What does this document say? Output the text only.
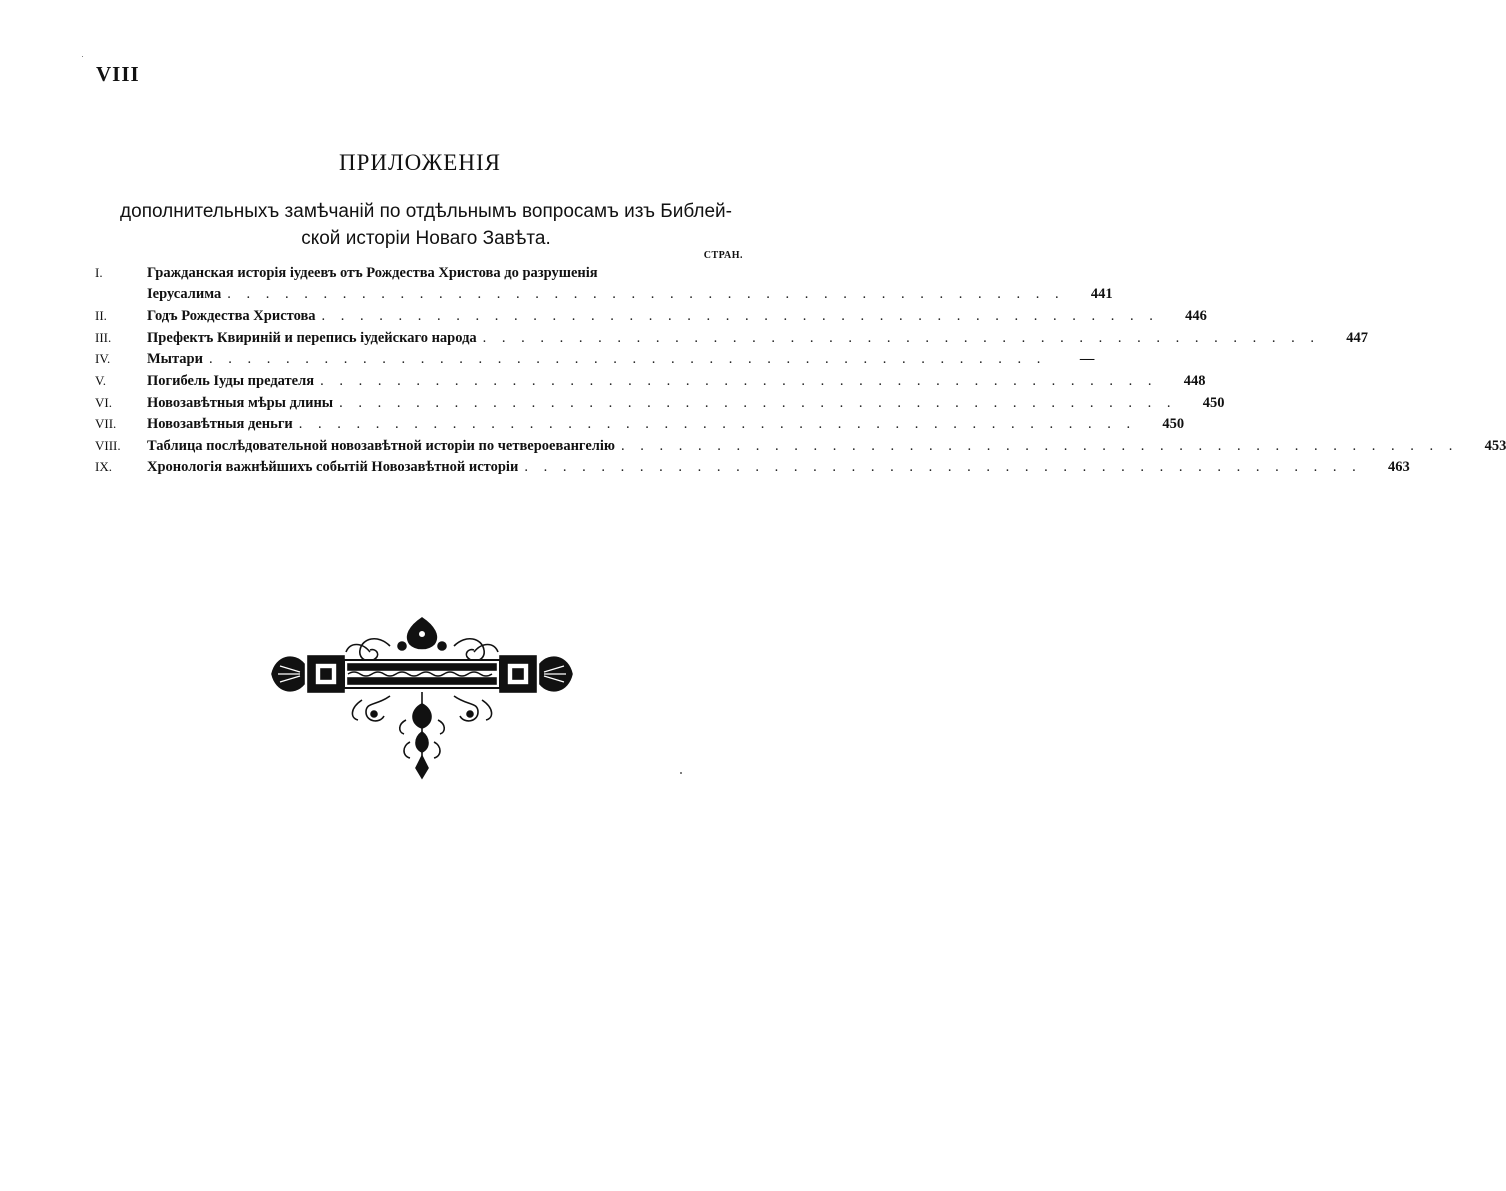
VIII
ПРИЛОЖЕНІЯ
дополнительныхъ замѣчаній по отдѣльнымъ вопросамъ изъ Библей-
ской исторіи Новаго Завѣта.
СТРАН.
I.	Гражданская исторія іудеевъ отъ Рождества Христова до разрушенія
Іерусалима . . . . . . . . . . . . . . . . . . . . . . . . . . . . . . . . . . . . . . . . . . . .	441
II.	Годъ Рождества Христова . . . . . . . . . . . . . . . . . . . . . . . . . . . . . . . . . . . . . . . . . . . .	446
III.	Префектъ Квириній и перепись іудейскаго народа . . . . . . . . . . . . . . . . . . . . . . . . . . . . . . . . . . . . . . . . . . . .	447
IV.	Мытари . . . . . . . . . . . . . . . . . . . . . . . . . . . . . . . . . . . . . . . . . . . .	—
V.	Погибель Іуды предателя . . . . . . . . . . . . . . . . . . . . . . . . . . . . . . . . . . . . . . . . . . . .	448
VI.	Новозавѣтныя мѣры длины . . . . . . . . . . . . . . . . . . . . . . . . . . . . . . . . . . . . . . . . . . . .	450
VII.	Новозавѣтныя деньги . . . . . . . . . . . . . . . . . . . . . . . . . . . . . . . . . . . . . . . . . . . .	450
VIII.	Таблица послѣдовательной новозавѣтной исторіи по четвероевангелію . . . . . . . . . . . . . . . . . . . . . . . . . . . . . . . . . . . . . . . . . . . .	453
IX.	Хронологія важнѣйшихъ событій Новозавѣтной исторіи . . . . . . . . . . . . . . . . . . . . . . . . . . . . . . . . . . . . . . . . . . . .	463
